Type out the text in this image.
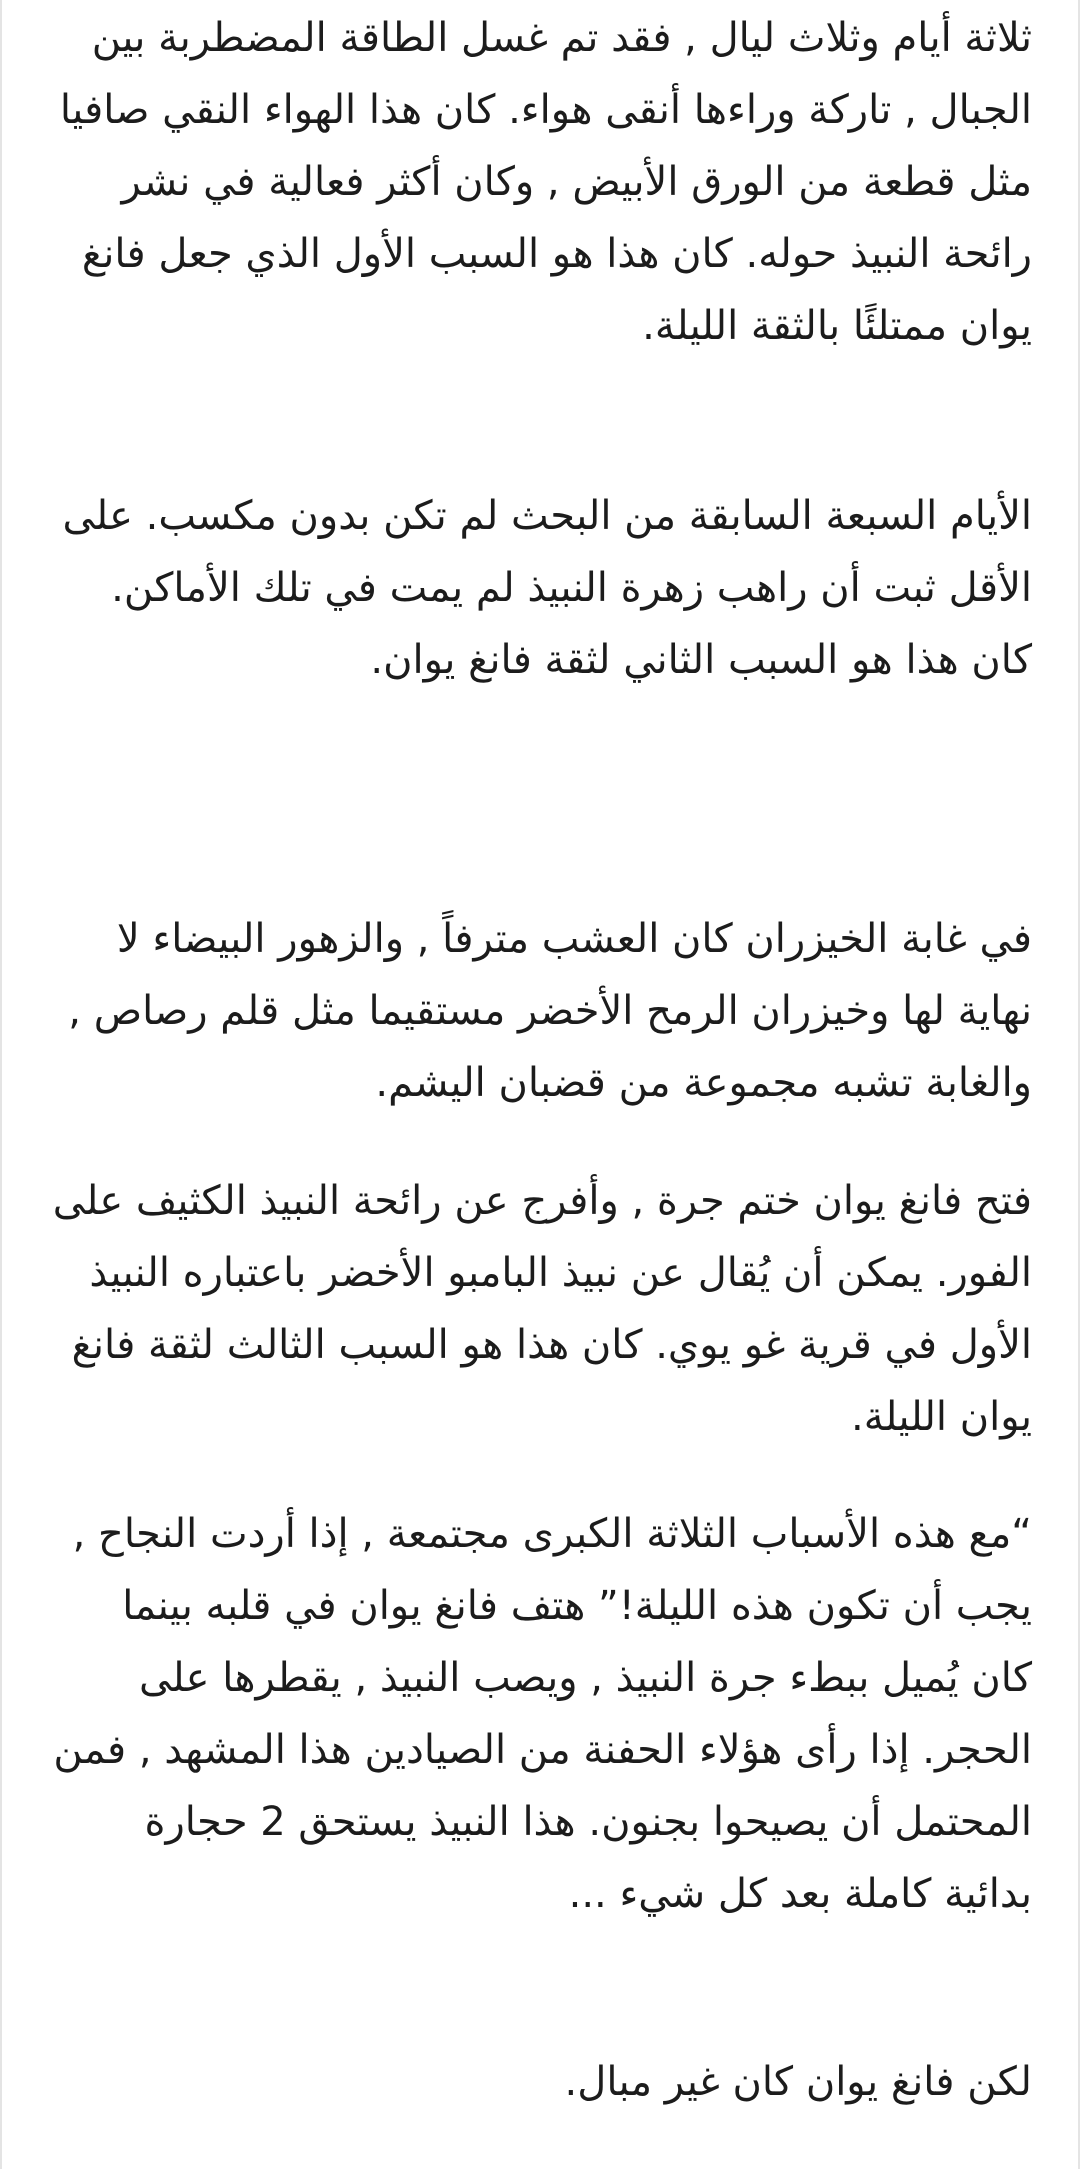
ثلاثة أيام وثلاث ليال , فقد تم غسل الطاقة المضطربة بين الجبال , تاركة وراءها أنقى هواء. كان هذا الهواء النقي صافيا مثل قطعة من الورق الأبيض , وكان أكثر فعالية في نشر رائحة النبيذ حوله. كان هذا هو السبب الأول الذي جعل فانغ يوان ممتلئًا بالثقة الليلة.

الأيام السبعة السابقة من البحث لم تكن بدون مكسب. على الأقل ثبت أن راهب زهرة النبيذ لم يمت في تلك الأماكن. كان هذا هو السبب الثاني لثقة فانغ يوان.

في غابة الخيزران كان العشب مترفاً , والزهور البيضاء لا نهاية لها وخيزران الرمح الأخضر مستقيما مثل قلم رصاص , والغابة تشبه مجموعة من قضبان اليشم.

فتح فانغ يوان ختم جرة , وأفرج عن رائحة النبيذ الكثيف على الفور. يمكن أن يُقال عن نبيذ البامبو الأخضر باعتباره النبيذ الأول في قرية غو يوي. كان هذا هو السبب الثالث لثقة فانغ يوان الليلة.

“مع هذه الأسباب الثلاثة الكبرى مجتمعة , إذا أردت النجاح , يجب أن تكون هذه الليلة!” هتف فانغ يوان في قلبه بينما كان يُميل ببطء جرة النبيذ , ويصب النبيذ , يقطرها على الحجر. إذا رأى هؤلاء الحفنة من الصيادين هذا المشهد , فمن المحتمل أن يصيحوا بجنون. هذا النبيذ يستحق 2 حجارة بدائية كاملة بعد كل شيء ...

لكن فانغ يوان كان غير مبال.
